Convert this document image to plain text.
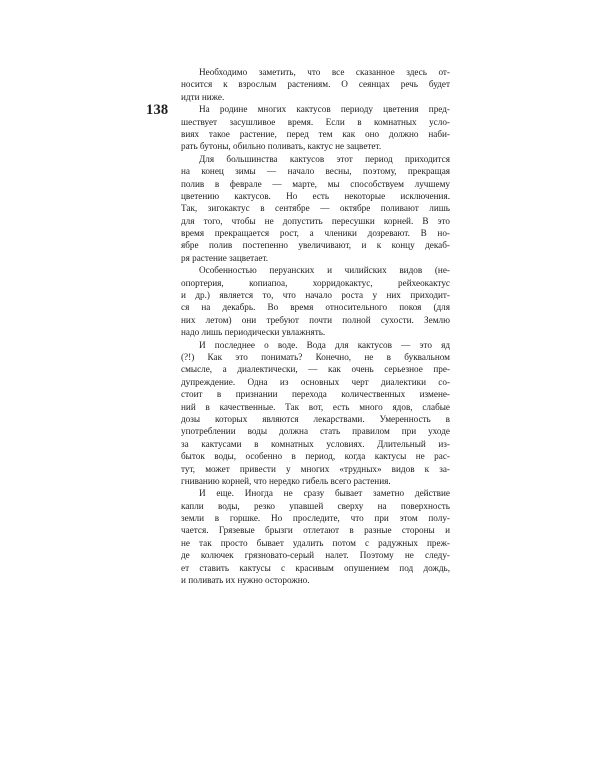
138
Необходимо заметить, что все сказанное здесь от-
носится к взрослым растениям. О сеянцах речь будет
идти ниже.
На родине многих кактусов периоду цветения пред-
шествует засушливое время. Если в комнатных усло-
виях такое растение, перед тем как оно должно наби-
рать бутоны, обильно поливать, кактус не зацветет.
Для большинства кактусов этот период приходится
на конец зимы — начало весны, поэтому, прекращая
полив в феврале — марте, мы способствуем лучшему
цветению кактусов. Но есть некоторые исключения.
Так, зигокактус в сентябре — октябре поливают лишь
для того, чтобы не допустить пересушки корней. В это
время прекращается рост, а членики дозревают. В но-
ябре полив постепенно увеличивают, и к концу декаб-
ря растение зацветает.
Особенностью перуанских и чилийских видов (не-
опортерия, копиапоа, хорридокактус, рейхеокактус
и др.) является то, что начало роста у них приходит-
ся на декабрь. Во время относительного покоя (для
них летом) они требуют почти полной сухости. Землю
надо лишь периодически увлажнять.
И последнее о воде. Вода для кактусов — это яд
(?!) Как это понимать? Конечно, не в буквальном
смысле, а диалектически, — как очень серьезное пре-
дупреждение. Одна из основных черт диалектики со-
стоит в признании перехода количественных измене-
ний в качественные. Так вот, есть много ядов, слабые
дозы которых являются лекарствами. Умеренность в
употреблении воды должна стать правилом при уходе
за кактусами в комнатных условиях. Длительный из-
быток воды, особенно в период, когда кактусы не рас-
тут, может привести у многих «трудных» видов к за-
гниванию корней, что нередко гибель всего растения.
И еще. Иногда не сразу бывает заметно действие
капли воды, резко упавшей сверху на поверхность
земли в горшке. Но проследите, что при этом полу-
чается. Грязевые брызги отлетают в разные стороны и
не так просто бывает удалить потом с радужных преж-
де колючек грязновато-серый налет. Поэтому не следу-
ет ставить кактусы с красивым опушением под дождь,
и поливать их нужно осторожно.
